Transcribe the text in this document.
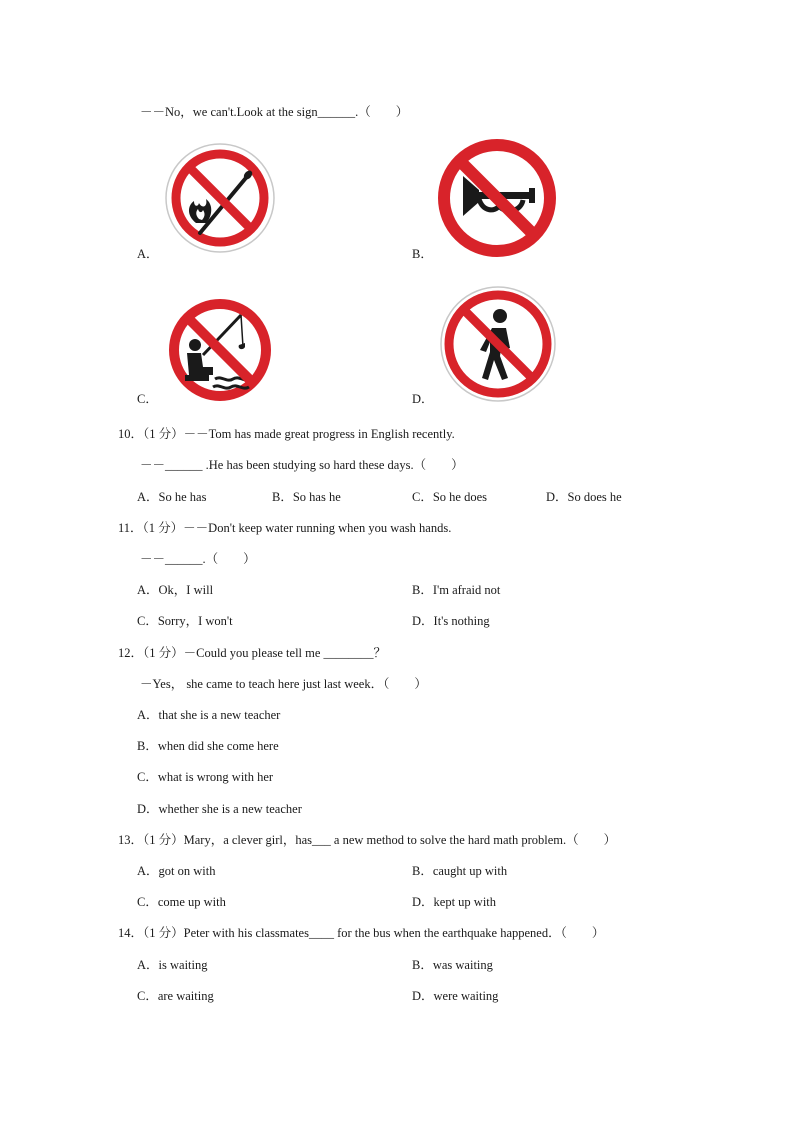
－－No，we can't.Look at the sign______.（　　）
A．	B．
C．	D．
10．（1 分）－－Tom has made great progress in English recently.
－－______ .He has been studying so hard these days.（　　）
A．So he has	B．So has he	C．So he does	D．So does he
11．（1 分）－－Don't keep water running when you wash hands.
－－______.（　　）
A．Ok，I will	B．I'm afraid not
C．Sorry，I won't	D．It's nothing
12．（1 分）－Could you please tell me ________？
－Yes， she came to teach here just last week．（　　）
A．that she is a new teacher
B．when did she come here
C．what is wrong with her
D．whether she is a new teacher
13．（1 分）Mary，a clever girl，has___ a new method to solve the hard math problem.（　　）
A．got on with	B．caught up with
C．come up with	D．kept up with
14．（1 分）Peter with his classmates____ for the bus when the earthquake happened．（　　）
A．is waiting	B．was waiting
C．are waiting	D．were waiting
